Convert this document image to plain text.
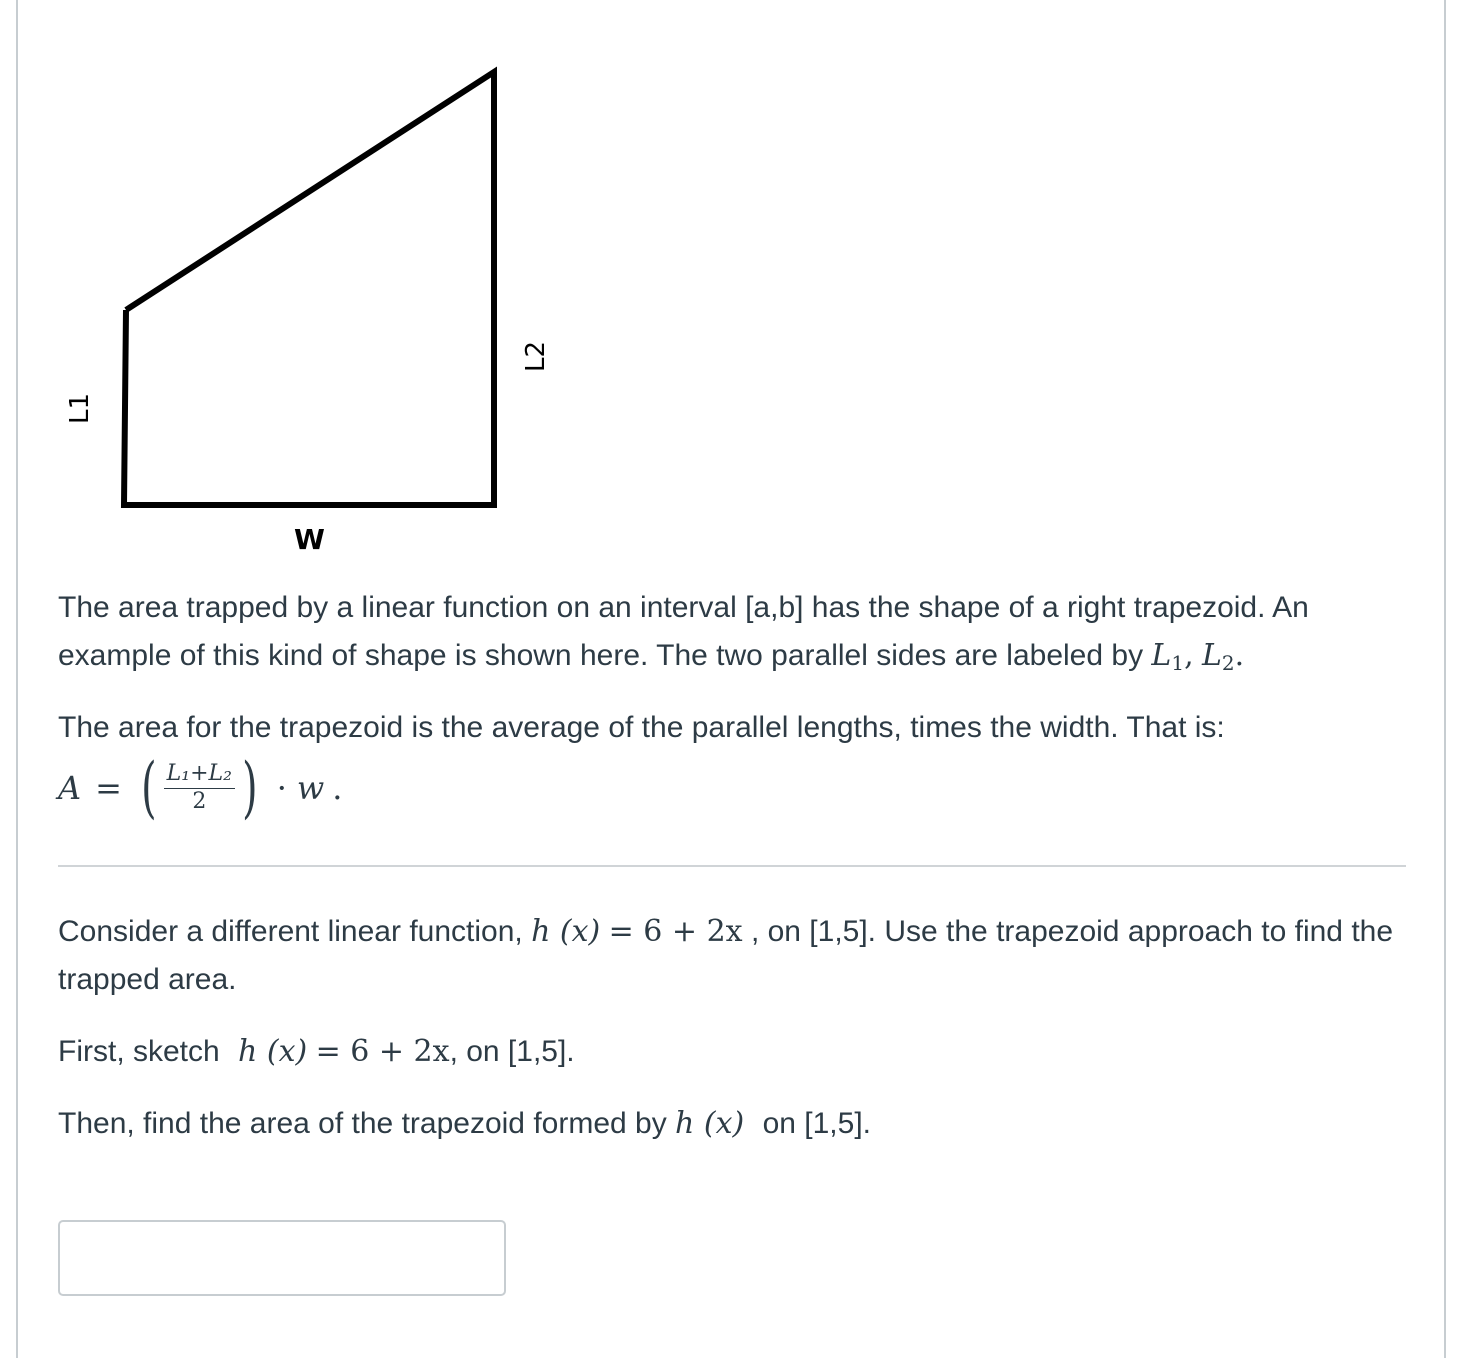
L1
L2
W
The area trapped by a linear function on an interval [a,b] has the shape of a right trapezoid. An example of this kind of shape is shown here. The two parallel sides are labeled by $L_1$, $L_2$.
The area for the trapezoid is the average of the parallel lengths, times the width. That is:
A = ( $\frac{\text{L₁+L₂}}{2}$ ) · w .
Consider a different linear function, h (x) = 6 + 2x , on [1,5]. Use the trapezoid approach to find the trapped area.
First, sketch h (x) = 6 + 2x, on [1,5].
Then, find the area of the trapezoid formed by h (x) on [1,5].
